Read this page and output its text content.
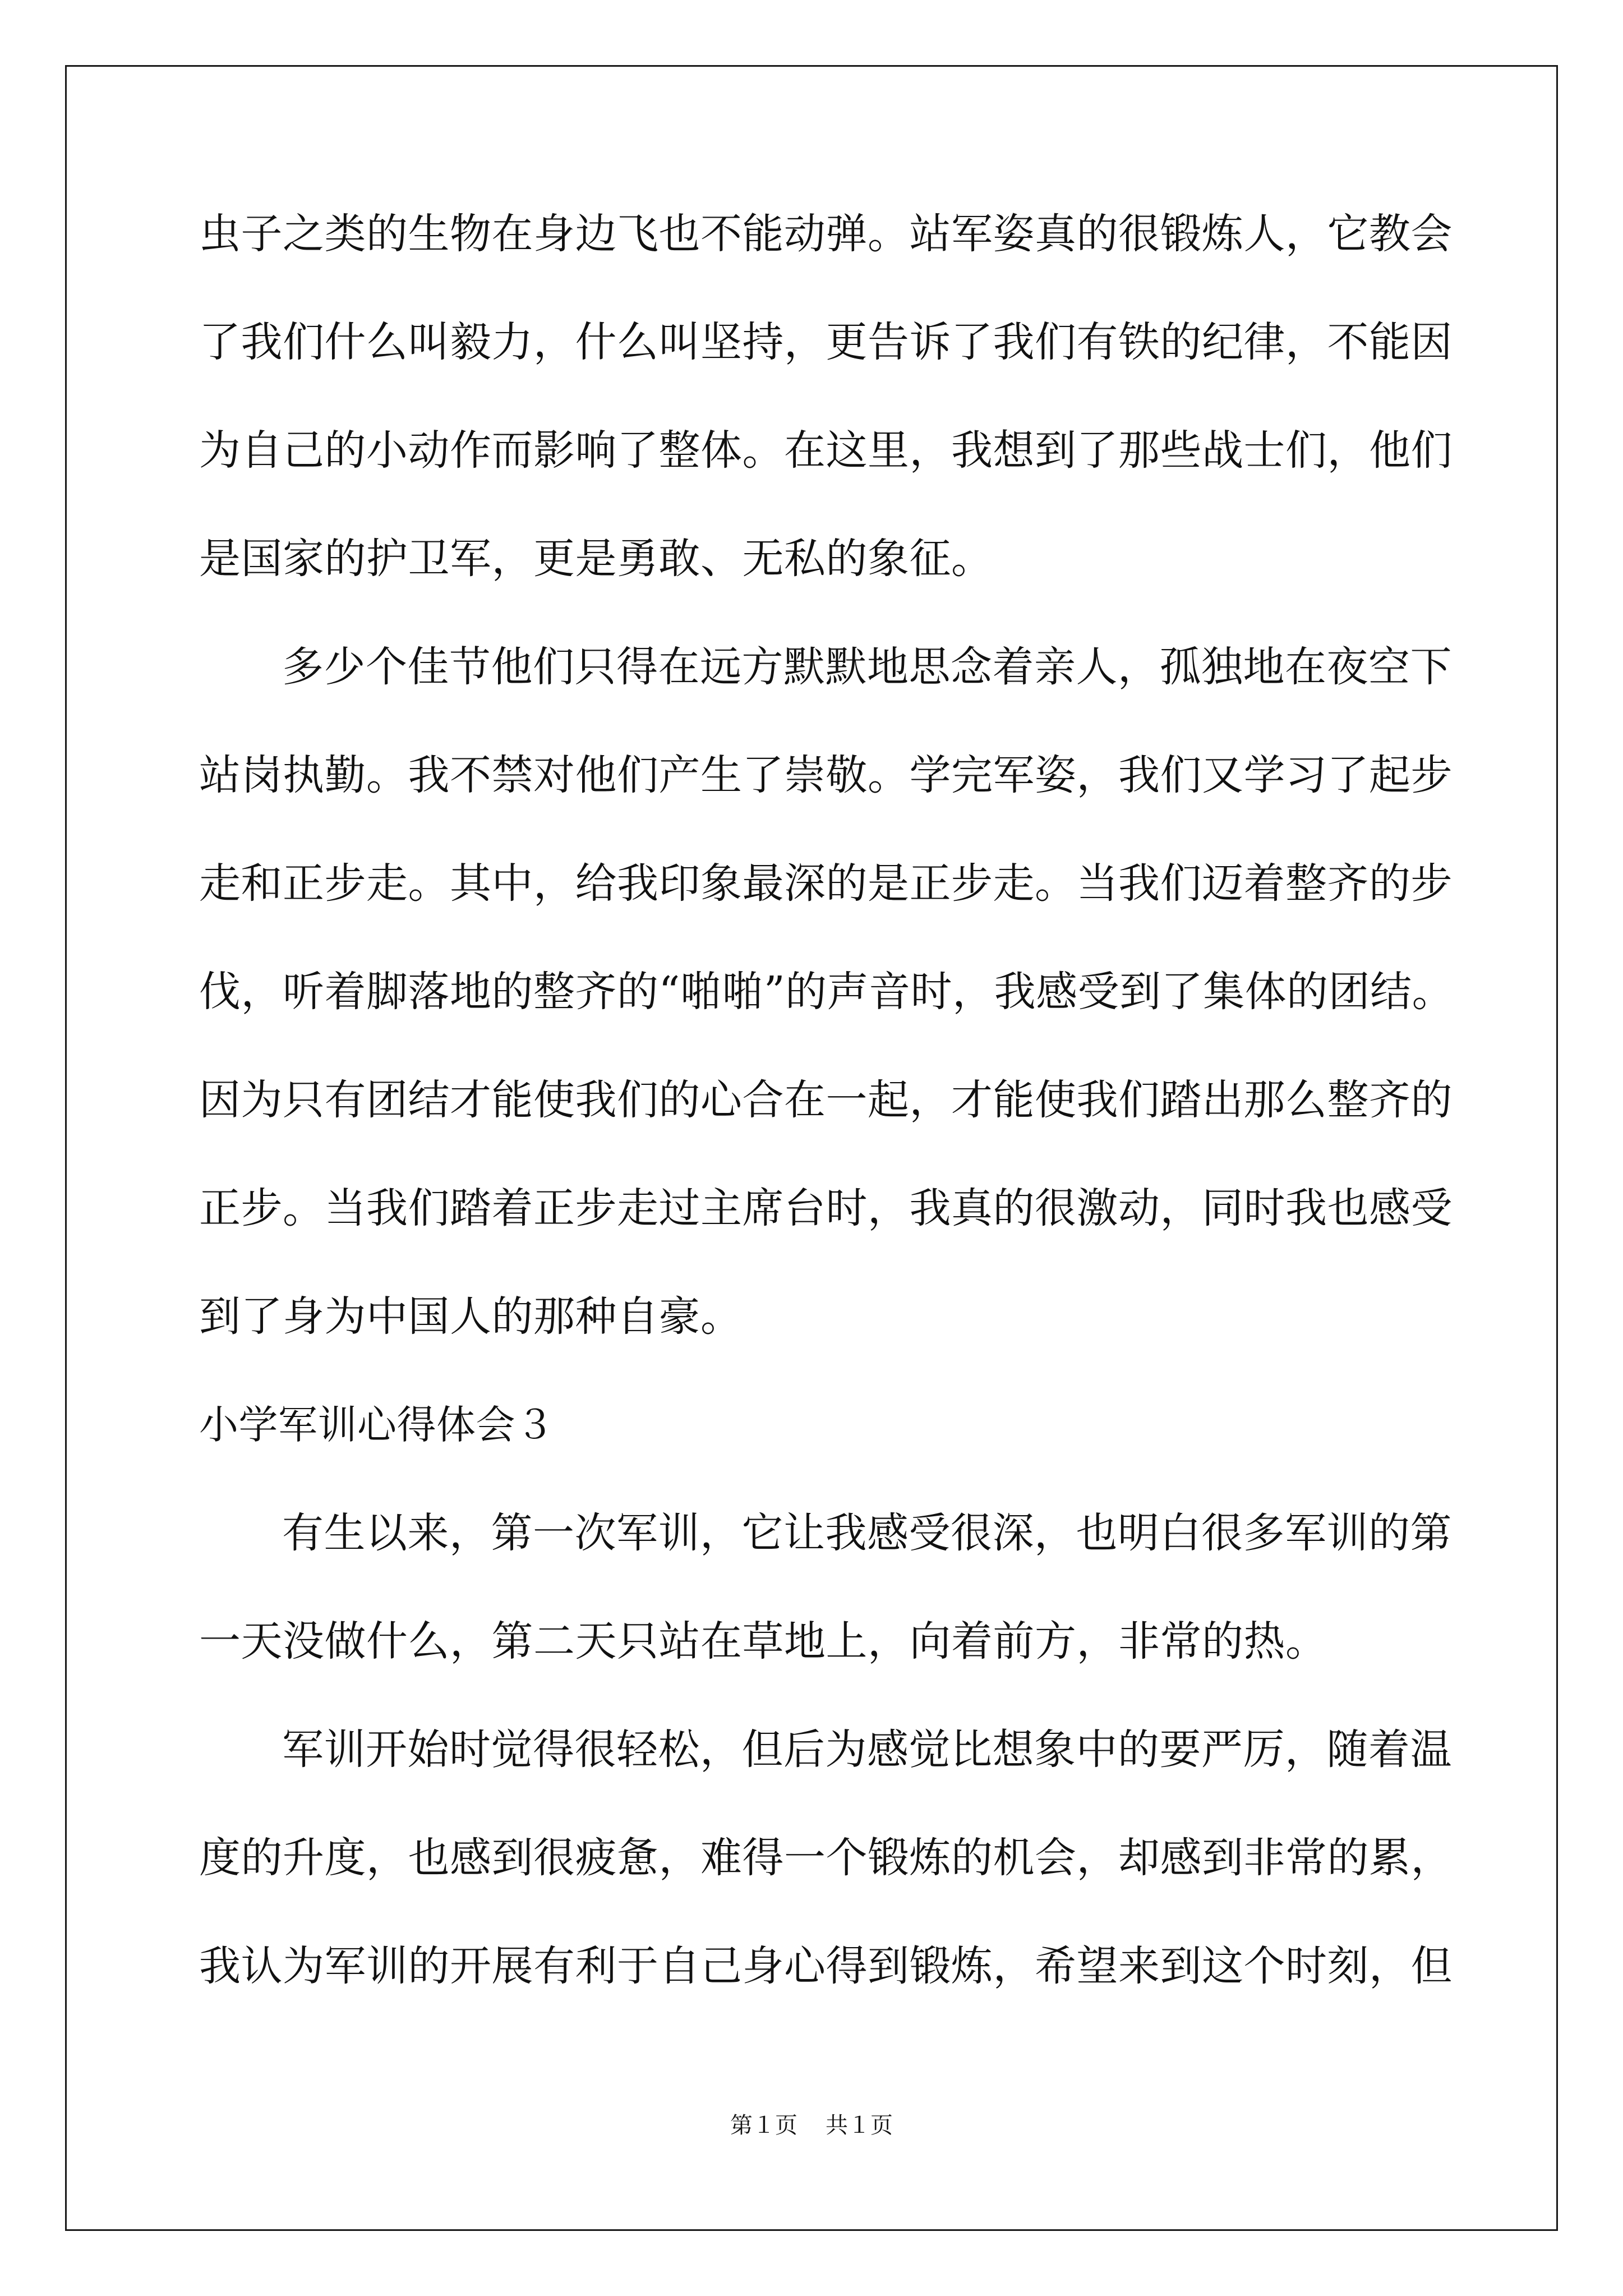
虫子之类的生物在身边飞也不能动弹。站军姿真的很锻炼人，它教会
了我们什么叫毅力，什么叫坚持，更告诉了我们有铁的纪律，不能因
为自己的小动作而影响了整体。在这里，我想到了那些战士们，他们
是国家的护卫军，更是勇敢、无私的象征。
多少个佳节他们只得在远方默默地思念着亲人，孤独地在夜空下
站岗执勤。我不禁对他们产生了崇敬。学完军姿，我们又学习了起步
走和正步走。其中，给我印象最深的是正步走。当我们迈着整齐的步
伐，听着脚落地的整齐的“啪啪”的声音时，我感受到了集体的团结。
因为只有团结才能使我们的心合在一起，才能使我们踏出那么整齐的
正步。当我们踏着正步走过主席台时，我真的很激动，同时我也感受
到了身为中国人的那种自豪。
小学军训心得体会３
有生以来，第一次军训，它让我感受很深，也明白很多军训的第
一天没做什么，第二天只站在草地上，向着前方，非常的热。
军训开始时觉得很轻松，但后为感觉比想象中的要严厉，随着温
度的升度，也感到很疲惫，难得一个锻炼的机会，却感到非常的累，
我认为军训的开展有利于自己身心得到锻炼，希望来到这个时刻，但
第１页 共１页
